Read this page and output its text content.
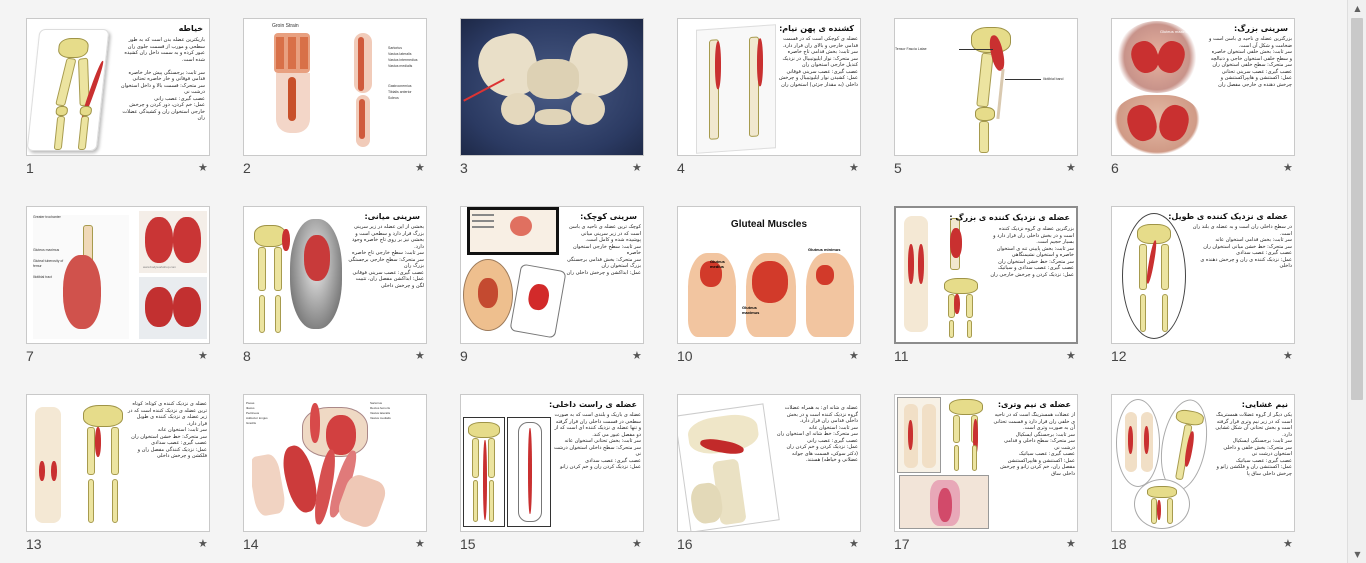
خیاطه
باریکترین عضله بدن است که به طور سطحی و مورب از قسمت جلوی ران عبور کرده و به سمت داخل ران کشیده شده است.

سر ثابت: برجستگی پیش خار خاصره قدامی فوقانی و خار خاصره تحتانی
سر متحرک: قسمت بالا و داخل استخوان درشت نی
عصب گیری: عصب رانی
عمل: خم کردن، دور کردن و چرخش خارجی استخوان ران و کشیدگی عضلات ران
1	★
Groin Strain
Sartorius
Vastus lateralis
Vastus intermedius
Vastus medialis
Gastrocnemius
Tibialis anterior
Soleus
2	★	3	★
کشنده ی پهن نیام:
عضله ی کوچکی است که در قسمت قدامی خارجی و بالای ران قرار دارد.
سر ثابت: بخش قدامی تاج خاصره
سر متحرک: نوار ایلیوتیبیال در نزدیک کندیل خارجی استخوان ران
عصب گیری: عصب سرینی فوقانی
عمل: کشیدن نوار ایلیوتیبیال و چرخش داخلی (به مقدار جزئی) استخوان ران
4	★
Tensor Fascia Latae
Iliotibial band
5	★
Gluteus maximus	سرینی بزرگ:
بزرگترین عضله ی ناحیه ی باسن است و ضخامت و شکل آن است.
سر ثابت: بخش خلفی استخوان خاصره و سطح خلفی استخوان خاجی و دنبالچه
سر متحرک: سطح خلفی استخوان ران
عصب گیری: عصب سرینی تحتانی
عمل: اکستنشن و هایپراکستنشن و چرخش دهنده ی خارجی مفصل ران
6	★
Greater trochanter
Gluteus maximus
Gluteal tuberosity of femur
Iliotibial tract
www.bodyworkshop.com
7	★
سرینی میانی:
بخشی از این عضله در زیر سرینی بزرگ قرار دارد و سطحی است و بخشی نیز بر روی تاج خاصره وجود دارد.
سر ثابت: سطح خارجی تاج خاصره
سر متحرک: سطح خارجی برجستگی بزرگ ران
عصب گیری: عصب سرینی فوقانی
عمل: ابداکشن مفصل ران، تثبیت لگن و چرخش داخلی
8	★
سرینی کوچک:
کوچک ترین عضله ی ناحیه ی باسن است که در زیر سرینی میانی پوشیده شده و کامل است.
سر ثابت: سطح خارجی استخوان خاصره
سر متحرک: بخش قدامی برجستگی بزرگ استخوان ران
عمل: ابداکشن و چرخش داخلی ران
9	★
Gluteal Muscles
Gluteus medius
Gluteus maximus
Gluteus minimus
10	★
عضله ی نزدیک کننده ی بزرگ :
بزرگترین عضله ی گروه نزدیک کننده است و در بخش داخلی ران قرار دارد و بسیار حجیم است.
سر ثابت: بخش پایینی تنه ی استخوان خاصره و استخوان نشیمنگاهی
سر متحرک: خط خشن استخوان ران
عصب گیری: عصب سدادی و سیاتیک
عمل: نزدیک کردن و چرخش خارجی ران
11	★
عضله ی نزدیک کننده ی طویل:
در سطح داخلی ران است و به عضله ی بلند ران است.
سر ثابت: بخش قدامی استخوان عانه
سر متحرک: خط خشن میانی استخوان ران
عصب گیری: عصب سدادی
عمل: نزدیک کننده ی ران و چرخش دهنده ی داخلی
12	★
عضله ی نزدیک کننده ی کوتاه: کوتاه ترین عضله ی نزدیک کننده است که در زیر عضله ی نزدیک کننده ی طویل قرار دارد.
سر ثابت: استخوان عانه
سر متحرک: خط خشن استخوان ران
عصب گیری: عصب سدادی
عمل: نزدیک کنندگی مفصل ران و فلکشن و چرخش داخلی
13	★
Psoas
Iliacus
Pectineus
Adductor longus
Gracilis
Sartorius
Rectus femoris
Vastus lateralis
Vastus medialis
14	★
عضله ی راست داخلی:
عضله ی باریک و بلندی است که به صورت سطحی در قسمت داخلی ران قرار گرفته و تنها عضله ی نزدیک کننده ای است که از دو مفصل عبور می کند.
سر ثابت: بخش تحتانی استخوان عانه
سر متحرک: سطح داخلی استخوان درشت نی
عصب گیری: عصب سدادی
عمل: نزدیک کردن ران و خم کردن زانو
15	★
عضله ی شانه ای: به همراه عضلات گروه نزدیک کننده است و در بخش داخلی قدامی ران قرار دارد.
سر ثابت: استخوان عانه
سر متحرک: خط شانه ای استخوان ران
عصب گیری: عصب رانی
عمل: نزدیک کردن و خم کردن ران (دکتر سوکی، قسمت های جوانه عضلانی و خیاطه) هستند.
16	★
عضله ی نیم وتری:
از عضلات همسترینگ است که در ناحیه ی خلفی ران قرار دارد و قسمت تحتانی آن به صورت وتری است.
سر ثابت: برجستگی ایسکیال
سر متحرک: سطح داخلی و قدامی درشت نی
عصب گیری: عصب سیاتیک
عمل: اکستنشن و هایپراکستنشن مفصل ران، خم کردن زانو و چرخش داخلی ساق
17	★
نیم غشایی:
یکی دیگر از گروه عضلات همسترینگ است که در زیر نیم وتری قرار گرفته است و بخش تحتانی آن شکل غشایی دارد.
سر ثابت: برجستگی ایسکیال
سر متحرک: بخش خلفی و داخلی استخوان درشت نی
عصب گیری: عصب سیاتیک
عمل: اکستنشن ران و فلکشن زانو و چرخش داخلی ساق پا
18	★
▲
▼
